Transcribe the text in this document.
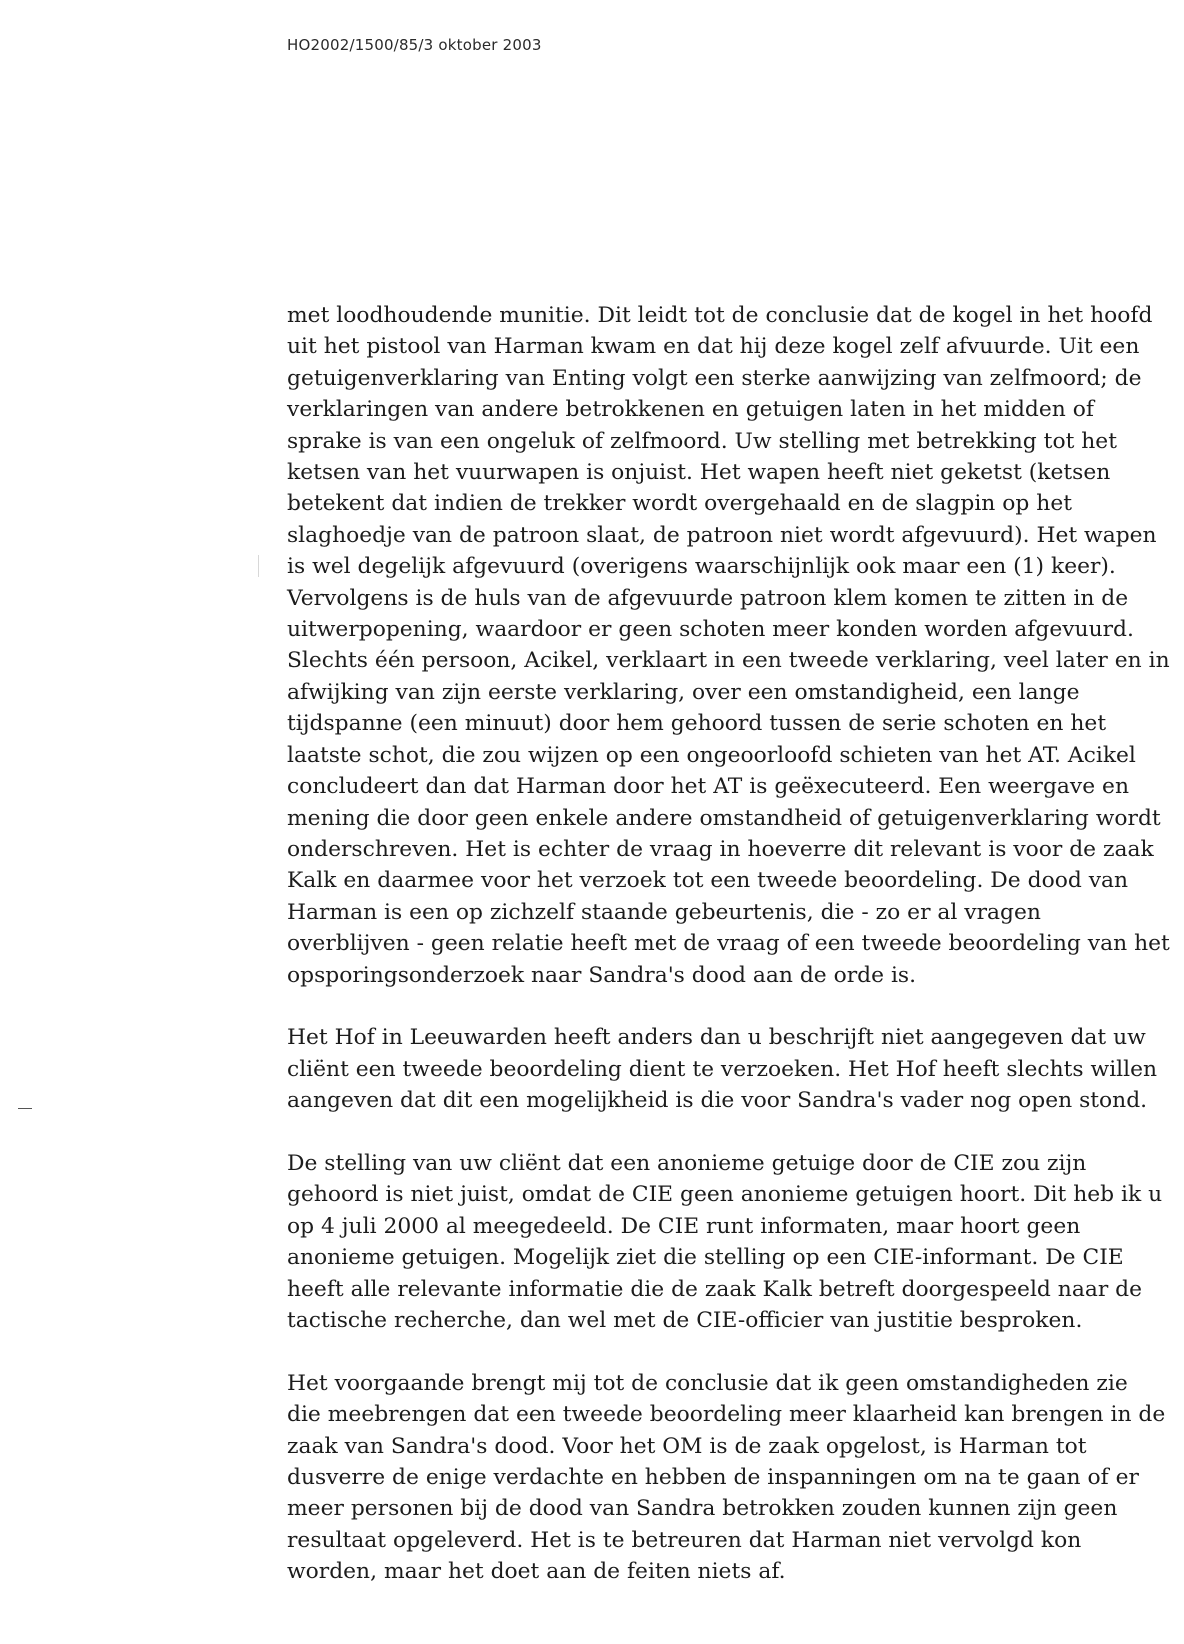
HO2002/1500/85/3 oktober 2003

met loodhoudende munitie. Dit leidt tot de conclusie dat de kogel in het hoofd
uit het pistool van Harman kwam en dat hij deze kogel zelf afvuurde. Uit een
getuigenverklaring van Enting volgt een sterke aanwijzing van zelfmoord; de
verklaringen van andere betrokkenen en getuigen laten in het midden of
sprake is van een ongeluk of zelfmoord. Uw stelling met betrekking tot het
ketsen van het vuurwapen is onjuist. Het wapen heeft niet geketst (ketsen
betekent dat indien de trekker wordt overgehaald en de slagpin op het
slaghoedje van de patroon slaat, de patroon niet wordt afgevuurd). Het wapen
is wel degelijk afgevuurd (overigens waarschijnlijk ook maar een (1) keer).
Vervolgens is de huls van de afgevuurde patroon klem komen te zitten in de
uitwerpopening, waardoor er geen schoten meer konden worden afgevuurd.
Slechts één persoon, Acikel, verklaart in een tweede verklaring, veel later en in
afwijking van zijn eerste verklaring, over een omstandigheid, een lange
tijdspanne (een minuut) door hem gehoord tussen de serie schoten en het
laatste schot, die zou wijzen op een ongeoorloofd schieten van het AT. Acikel
concludeert dan dat Harman door het AT is geëxecuteerd. Een weergave en
mening die door geen enkele andere omstandheid of getuigenverklaring wordt
onderschreven. Het is echter de vraag in hoeverre dit relevant is voor de zaak
Kalk en daarmee voor het verzoek tot een tweede beoordeling. De dood van
Harman is een op zichzelf staande gebeurtenis, die - zo er al vragen
overblijven - geen relatie heeft met de vraag of een tweede beoordeling van het
opsporingsonderzoek naar Sandra's dood aan de orde is.

Het Hof in Leeuwarden heeft anders dan u beschrijft niet aangegeven dat uw
cliënt een tweede beoordeling dient te verzoeken. Het Hof heeft slechts willen
aangeven dat dit een mogelijkheid is die voor Sandra's vader nog open stond.

De stelling van uw cliënt dat een anonieme getuige door de CIE zou zijn
gehoord is niet juist, omdat de CIE geen anonieme getuigen hoort. Dit heb ik u
op 4 juli 2000 al meegedeeld. De CIE runt informaten, maar hoort geen
anonieme getuigen. Mogelijk ziet die stelling op een CIE-informant. De CIE
heeft alle relevante informatie die de zaak Kalk betreft doorgespeeld naar de
tactische recherche, dan wel met de CIE-officier van justitie besproken.

Het voorgaande brengt mij tot de conclusie dat ik geen omstandigheden zie
die meebrengen dat een tweede beoordeling meer klaarheid kan brengen in de
zaak van Sandra's dood. Voor het OM is de zaak opgelost, is Harman tot
dusverre de enige verdachte en hebben de inspanningen om na te gaan of er
meer personen bij de dood van Sandra betrokken zouden kunnen zijn geen
resultaat opgeleverd. Het is te betreuren dat Harman niet vervolgd kon
worden, maar het doet aan de feiten niets af.
